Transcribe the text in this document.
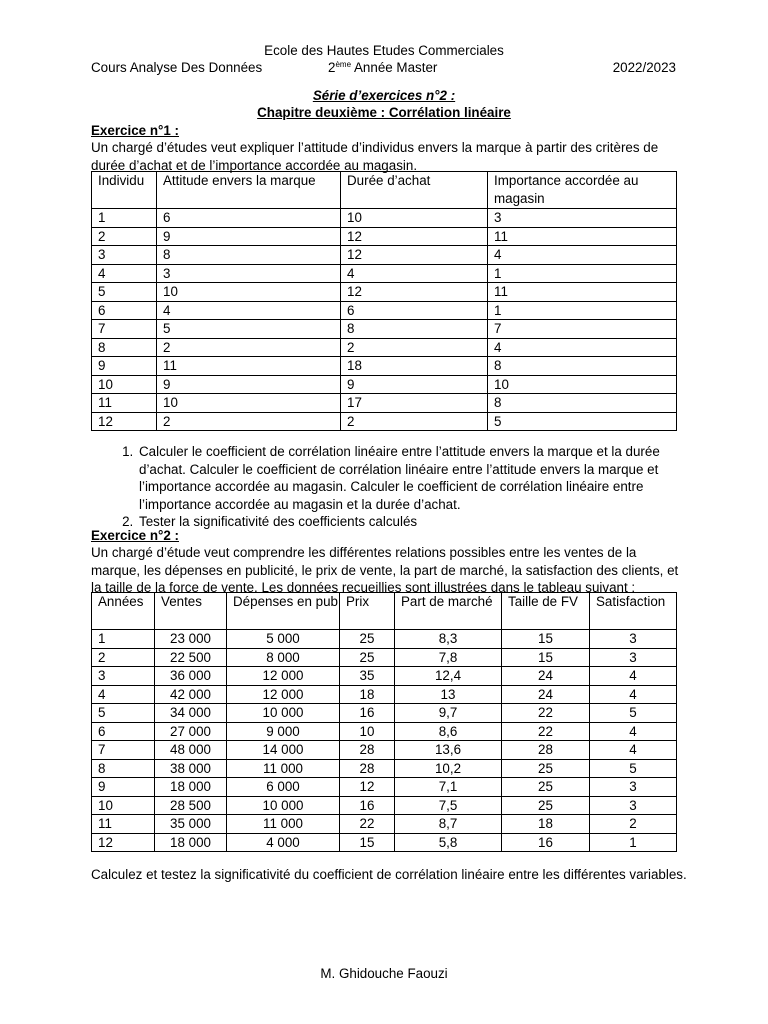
Ecole des Hautes Etudes Commerciales
Cours Analyse Des Données	2ème Année Master	2022/2023
Série d’exercices n°2 :
Chapitre deuxième : Corrélation linéaire
Exercice n°1 :
Un chargé d’études veut expliquer l’attitude d’individus envers la marque à partir des critères de durée d’achat et de l’importance accordée au magasin.
Individu	Attitude envers la marque	Durée d’achat	Importance accordée au magasin
1	6	10	3
2	9	12	11
3	8	12	4
4	3	4	1
5	10	12	11
6	4	6	1
7	5	8	7
8	2	2	4
9	11	18	8
10	9	9	10
11	10	17	8
12	2	2	5
1. Calculer le coefficient de corrélation linéaire entre l’attitude envers la marque et la durée d’achat. Calculer le coefficient de corrélation linéaire entre l’attitude envers la marque et l’importance accordée au magasin. Calculer le coefficient de corrélation linéaire entre l’importance accordée au magasin et la durée d’achat.
2. Tester la significativité des coefficients calculés
Exercice n°2 :
Un chargé d’étude veut comprendre les différentes relations possibles entre les ventes de la marque, les dépenses en publicité, le prix de vente, la part de marché, la satisfaction des clients, et la taille de la force de vente. Les données recueillies sont illustrées dans le tableau suivant :
Années	Ventes	Dépenses en pub	Prix	Part de marché	Taille de FV	Satisfaction
1	23 000	5 000	25	8,3	15	3
2	22 500	8 000	25	7,8	15	3
3	36 000	12 000	35	12,4	24	4
4	42 000	12 000	18	13	24	4
5	34 000	10 000	16	9,7	22	5
6	27 000	9 000	10	8,6	22	4
7	48 000	14 000	28	13,6	28	4
8	38 000	11 000	28	10,2	25	5
9	18 000	6 000	12	7,1	25	3
10	28 500	10 000	16	7,5	25	3
11	35 000	11 000	22	8,7	18	2
12	18 000	4 000	15	5,8	16	1
Calculez et testez la significativité du coefficient de corrélation linéaire entre les différentes variables.
M. Ghidouche Faouzi
